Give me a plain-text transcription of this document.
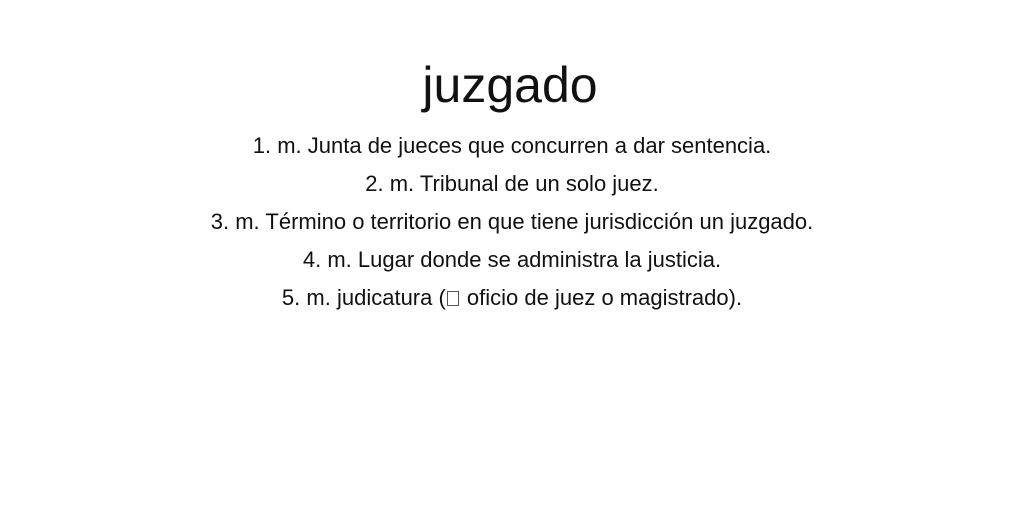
juzgado
1. m. Junta de jueces que concurren a dar sentencia.
2. m. Tribunal de un solo juez.
3. m. Término o territorio en que tiene jurisdicción un juzgado.
4. m. Lugar donde se administra la justicia.
5. m. judicatura ( oficio de juez o magistrado).
